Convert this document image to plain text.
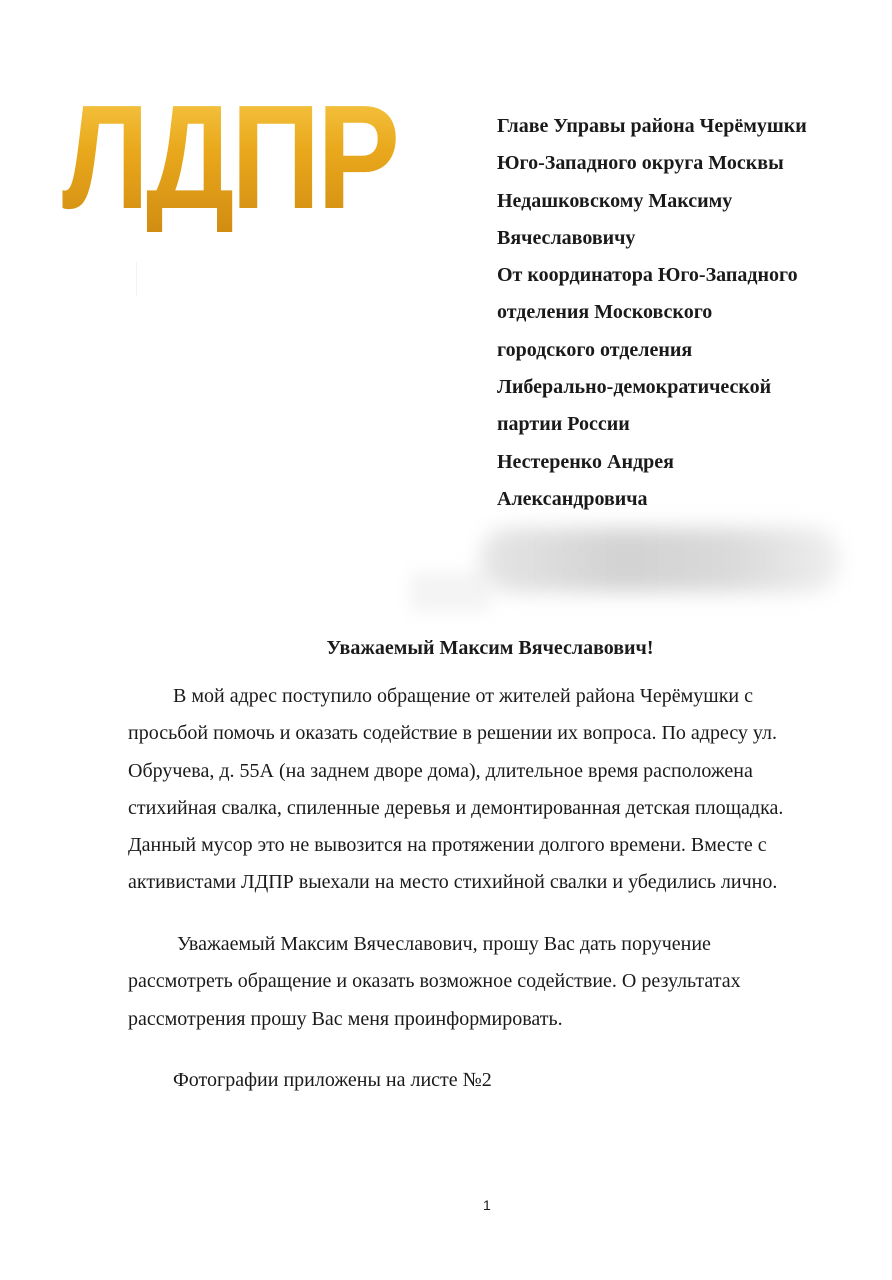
ЛДПР	Главе Управы района Черёмушки
Юго-Западного округа Москвы
Недашковскому Максиму
Вячеславовичу
От координатора Юго-Западного
отделения Московского
городского отделения
Либерально-демократической
партии России
Нестеренко Андрея
Александровича
Уважаемый Максим Вячеславович!
В мой адрес поступило обращение от жителей района Черёмушки с
просьбой помочь и оказать содействие в решении их вопроса. По адресу ул.
Обручева, д. 55А (на заднем дворе дома), длительное время расположена
стихийная свалка, спиленные деревья и демонтированная детская площадка.
Данный мусор это не вывозится на протяжении долгого времени. Вместе с
активистами ЛДПР выехали на место стихийной свалки и убедились лично.
Уважаемый Максим Вячеславович, прошу Вас дать поручение
рассмотреть обращение и оказать возможное содействие. О результатах
рассмотрения прошу Вас меня проинформировать.
Фотографии приложены на листе №2
1
